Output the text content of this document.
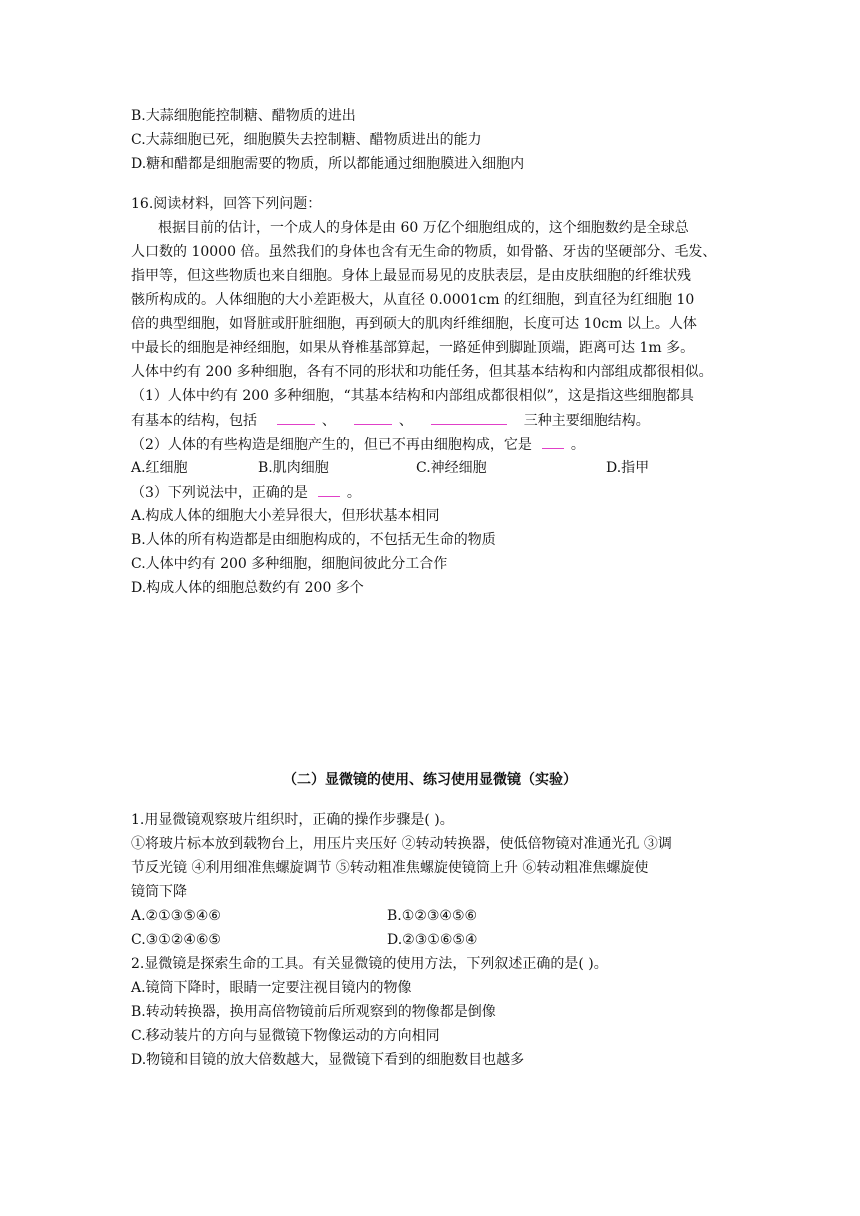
B.大蒜细胞能控制糖、醋物质的进出
C.大蒜细胞已死，细胞膜失去控制糖、醋物质进出的能力
D.糖和醋都是细胞需要的物质，所以都能通过细胞膜进入细胞内
16.阅读材料，回答下列问题：
根据目前的估计，一个成人的身体是由 60 万亿个细胞组成的，这个细胞数约是全球总
人口数的 10000 倍。虽然我们的身体也含有无生命的物质，如骨骼、牙齿的坚硬部分、毛发、
指甲等，但这些物质也来自细胞。身体上最显而易见的皮肤表层，是由皮肤细胞的纤维状残
骸所构成的。人体细胞的大小差距极大，从直径 0.0001cm 的红细胞，到直径为红细胞 10
倍的典型细胞，如肾脏或肝脏细胞，再到硕大的肌肉纤维细胞，长度可达 10cm 以上。人体
中最长的细胞是神经细胞，如果从脊椎基部算起，一路延伸到脚趾顶端，距离可达 1m 多。
人体中约有 200 多种细胞，各有不同的形状和功能任务，但其基本结构和内部组成都很相似。
（1）人体中约有 200 多种细胞，“其基本结构和内部组成都很相似”，这是指这些细胞都具
有基本的结构，包括	、	、	三种主要细胞结构。
（2）人体的有些构造是细胞产生的，但已不再由细胞构成，它是	。
A.红细胞	B.肌肉细胞	C.神经细胞	D.指甲
（3）下列说法中，正确的是	。
A.构成人体的细胞大小差异很大，但形状基本相同
B.人体的所有构造都是由细胞构成的，不包括无生命的物质
C.人体中约有 200 多种细胞，细胞间彼此分工合作
D.构成人体的细胞总数约有 200 多个
（二）显微镜的使用、练习使用显微镜（实验）
1.用显微镜观察玻片组织时，正确的操作步骤是( )。
①将玻片标本放到载物台上，用压片夹压好 ②转动转换器，使低倍物镜对准通光孔 ③调
节反光镜 ④利用细准焦螺旋调节 ⑤转动粗准焦螺旋使镜筒上升 ⑥转动粗准焦螺旋使
镜筒下降
A.②①③⑤④⑥	B.①②③④⑤⑥
C.③①②④⑥⑤	D.②③①⑥⑤④
2.显微镜是探索生命的工具。有关显微镜的使用方法，下列叙述正确的是( )。
A.镜筒下降时，眼睛一定要注视目镜内的物像
B.转动转换器，换用高倍物镜前后所观察到的物像都是倒像
C.移动装片的方向与显微镜下物像运动的方向相同
D.物镜和目镜的放大倍数越大，显微镜下看到的细胞数目也越多
